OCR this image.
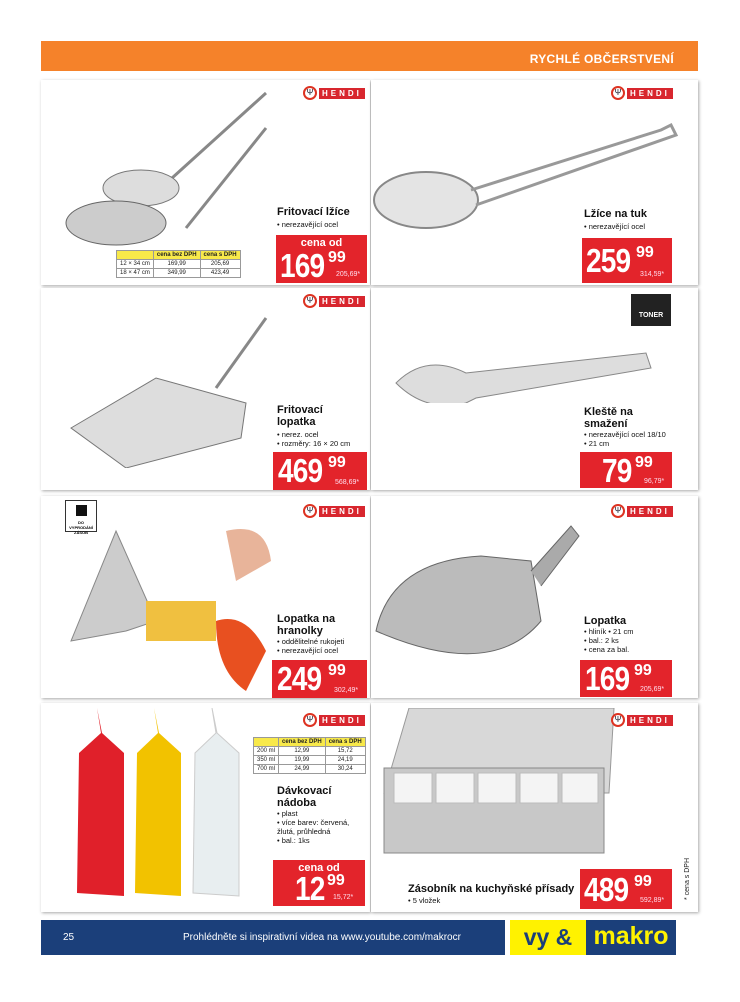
RYCHLÉ OBČERSTVENÍ
Ψ	HENDI
Fritovací lžíce
• nerezavějící ocel
	cena bez DPH	cena s DPH
12 × 34 cm	169,99	205,69
18 × 47 cm	349,99	423,49
cena od
169 99
205,69*
Ψ	HENDI
Lžíce na tuk
• nerezavějící ocel
259 99
314,59*
Ψ	HENDI
Fritovací lopatka
• nerez. ocel
• rozměry: 16 × 20 cm
469 99
568,69*
TONER
Kleště na smažení
• nerezavějící ocel 18/10
• 21 cm
79 99
96,79*
DO VYPRODÁNÍ ZÁSOB
Ψ	HENDI
Lopatka na hranolky
• oddělitelné rukojeti
• nerezavějící ocel
249 99
302,49*
Ψ	HENDI
Lopatka
• hliník • 21 cm
• bal.: 2 ks
• cena za bal.
169 99
205,69*
Ψ	HENDI
	cena bez DPH	cena s DPH
200 ml	12,99	15,72
350 ml	19,99	24,19
700 ml	24,99	30,24
Dávkovací nádoba
• plast
• více barev: červená, žlutá, průhledná
• bal.: 1ks
cena od
12 99
15,72*
Ψ	HENDI
Zásobník na kuchyňské přísady
• 5 vložek	489 99
592,89*
* cena s DPH
25	Prohlédněte si inspirativní videa na www.youtube.com/makrocr	vy & makro
